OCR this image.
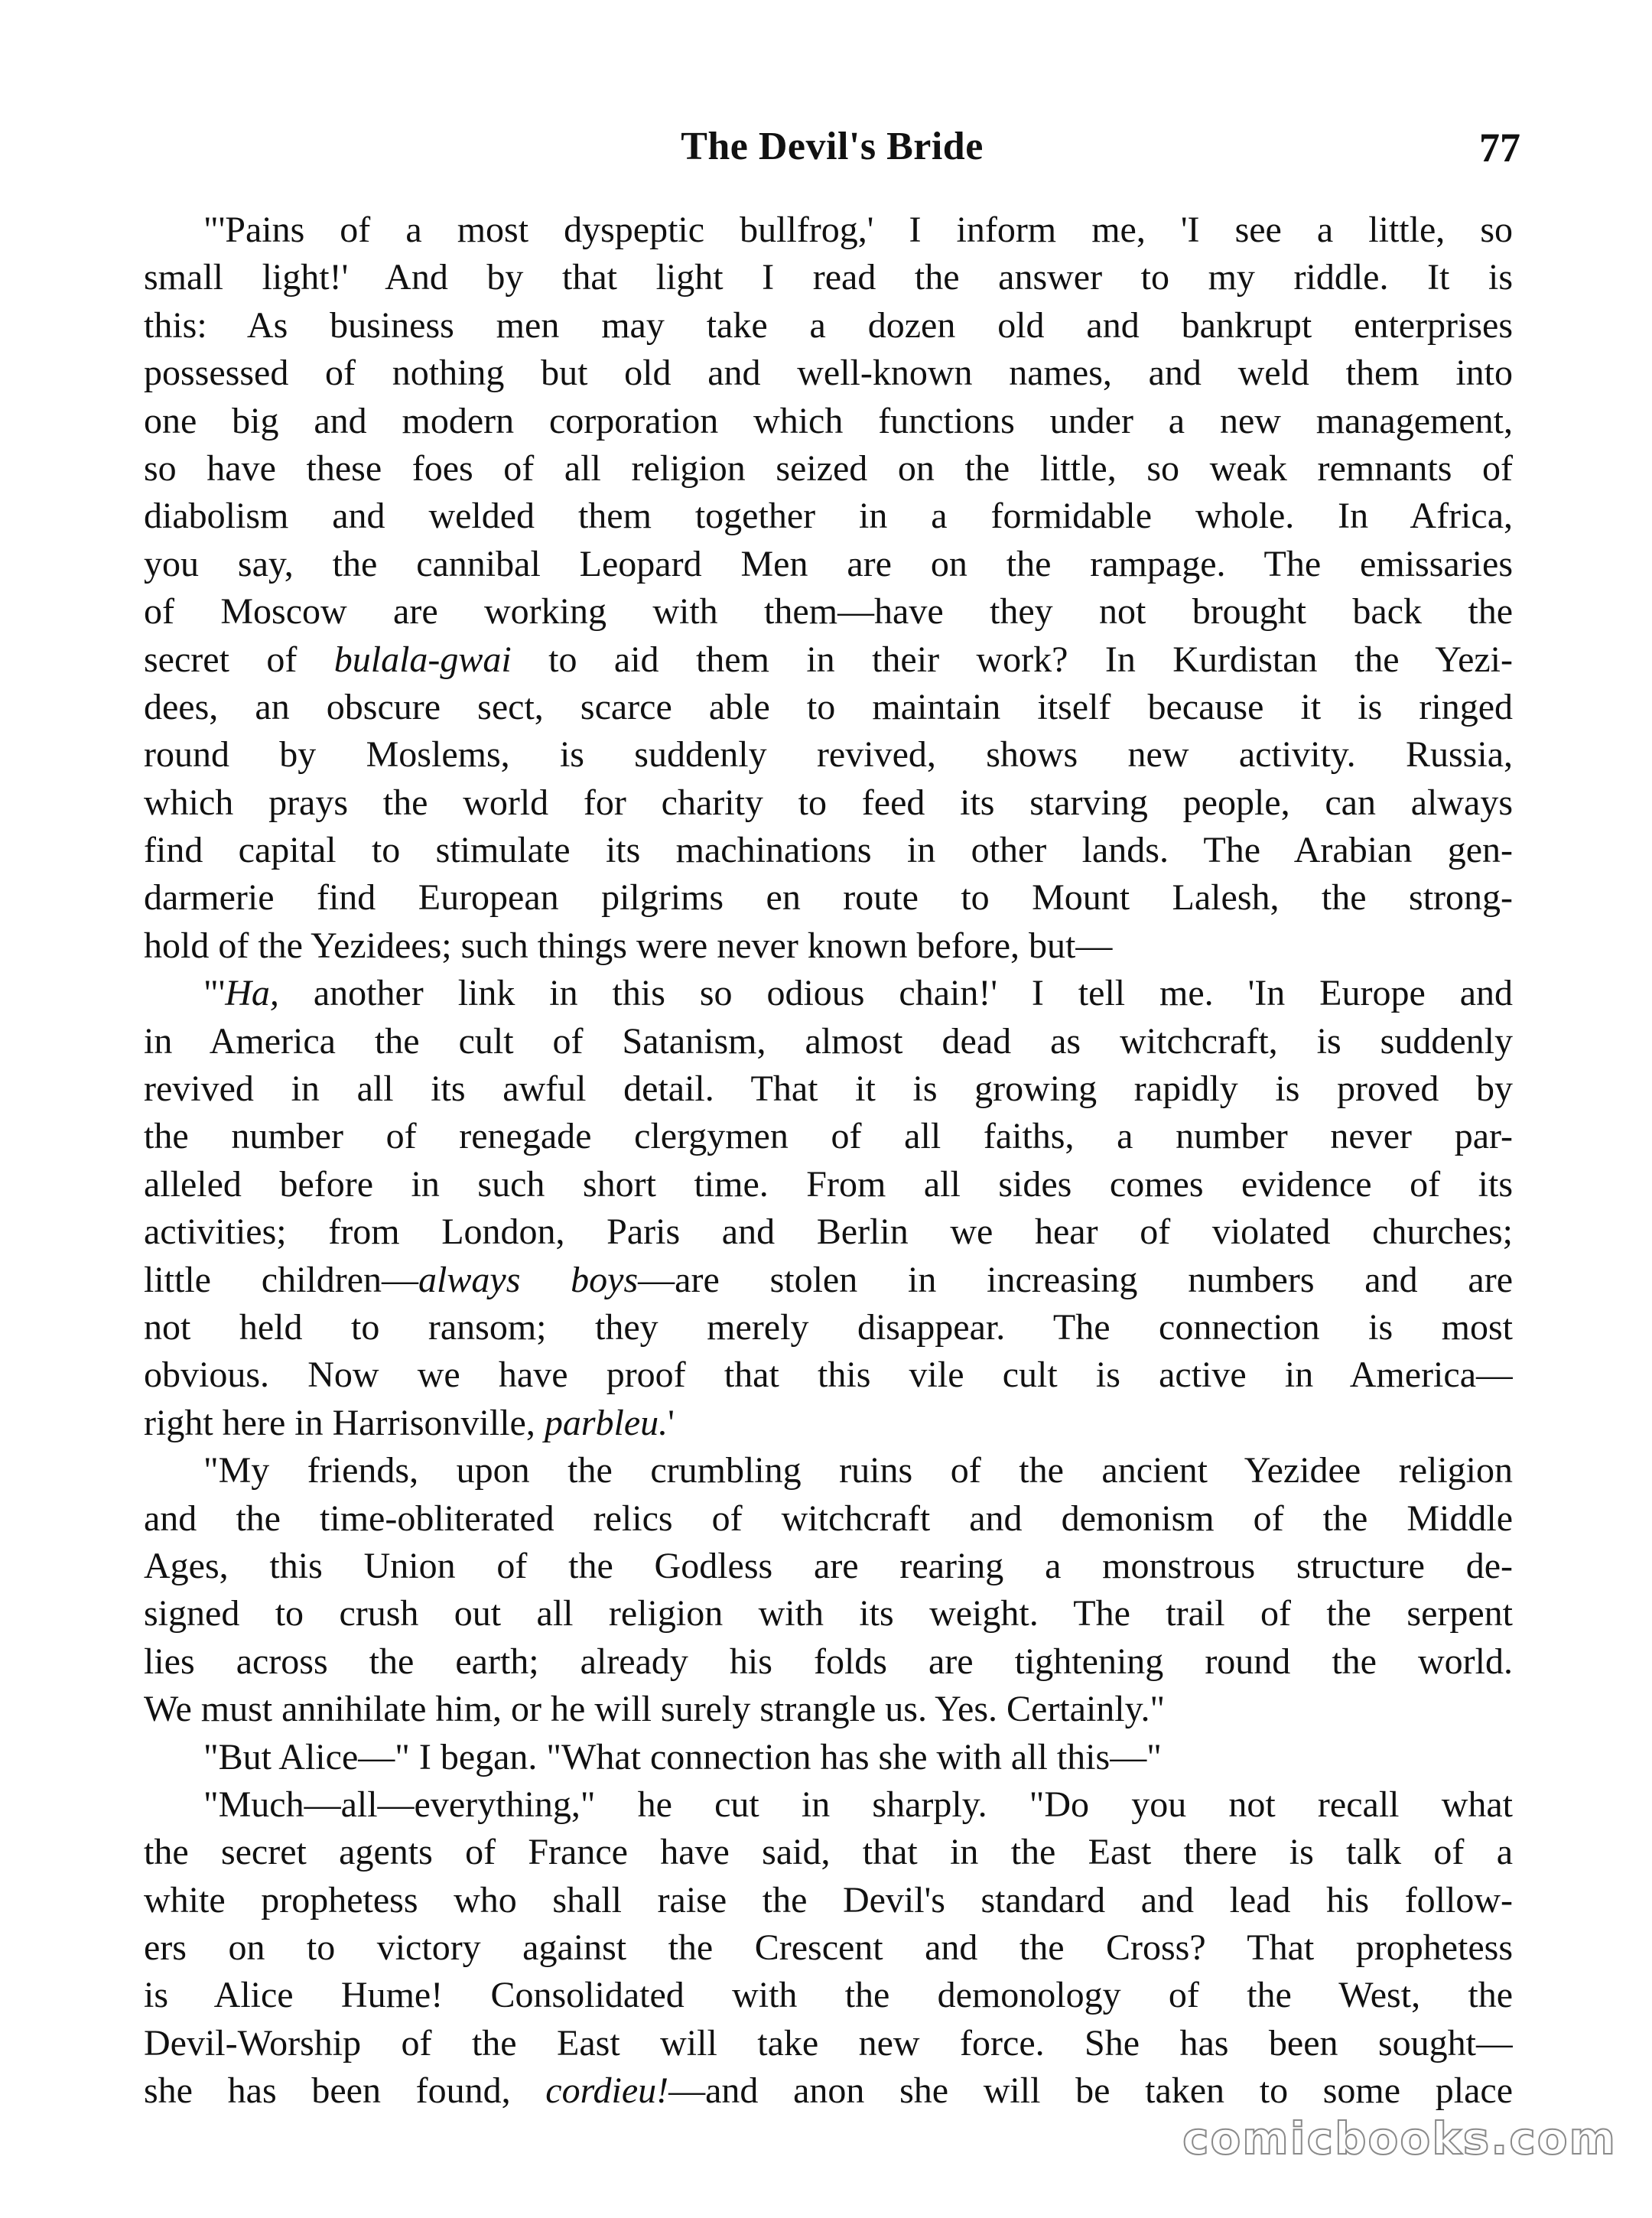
The Devil's Bride	77
"'Pains of a most dyspeptic bullfrog,' I inform me, 'I see a little, so
small light!' And by that light I read the answer to my riddle. It is
this: As business men may take a dozen old and bankrupt enterprises
possessed of nothing but old and well-known names, and weld them into
one big and modern corporation which functions under a new management,
so have these foes of all religion seized on the little, so weak remnants of
diabolism and welded them together in a formidable whole. In Africa,
you say, the cannibal Leopard Men are on the rampage. The emissaries
of Moscow are working with them—have they not brought back the
secret of bulala-gwai to aid them in their work? In Kurdistan the Yezi-
dees, an obscure sect, scarce able to maintain itself because it is ringed
round by Moslems, is suddenly revived, shows new activity. Russia,
which prays the world for charity to feed its starving people, can always
find capital to stimulate its machinations in other lands. The Arabian gen-
darmerie find European pilgrims en route to Mount Lalesh, the strong-
hold of the Yezidees; such things were never known before, but—
"'Ha, another link in this so odious chain!' I tell me. 'In Europe and
in America the cult of Satanism, almost dead as witchcraft, is suddenly
revived in all its awful detail. That it is growing rapidly is proved by
the number of renegade clergymen of all faiths, a number never par-
alleled before in such short time. From all sides comes evidence of its
activities; from London, Paris and Berlin we hear of violated churches;
little children—always boys—are stolen in increasing numbers and are
not held to ransom; they merely disappear. The connection is most
obvious. Now we have proof that this vile cult is active in America—
right here in Harrisonville, parbleu.'
"My friends, upon the crumbling ruins of the ancient Yezidee religion
and the time-obliterated relics of witchcraft and demonism of the Middle
Ages, this Union of the Godless are rearing a monstrous structure de-
signed to crush out all religion with its weight. The trail of the serpent
lies across the earth; already his folds are tightening round the world.
We must annihilate him, or he will surely strangle us. Yes. Certainly."
"But Alice—" I began. "What connection has she with all this—"
"Much—all—everything," he cut in sharply. "Do you not recall what
the secret agents of France have said, that in the East there is talk of a
white prophetess who shall raise the Devil's standard and lead his follow-
ers on to victory against the Crescent and the Cross? That prophetess
is Alice Hume! Consolidated with the demonology of the West, the
Devil-Worship of the East will take new force. She has been sought—
she has been found, cordieu!—and anon she will be taken to some place
comicbooks.com
